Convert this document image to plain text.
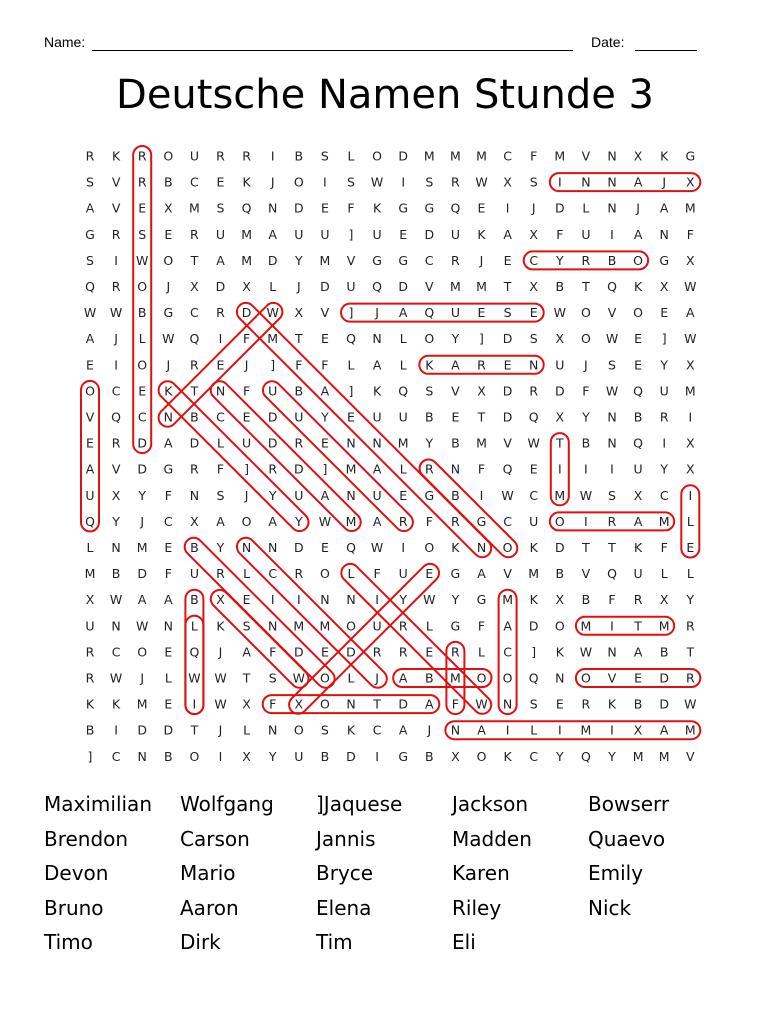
Name:	Date:
Deutsche Namen Stunde 3
R K R O U R R I B S L O D M M M C F M V N X K G
S V R B C E K J O I S W I S R W X S I N N A J X
A V E X M S Q N D E F K G G Q E I J D L N J A M
G R S E R U M A U U ] U E D U K A X F U I A N F
S I W O T A M D Y M V G G C R J E C Y R B O G X
Q R O J X D X L J D U Q D V M M T X B T Q K X W
W W B G C R D W X V ] J A Q U E S E W O V O E A
A J L W Q I F M T E Q N L O Y ] D S X O W E ] W
E I O J R E J ] F F L A L K A R E N U J S E Y X
O C E K T N F U B A ] K Q S V X D R D F W Q U M
V Q C N B C E D U Y E U U B E T D Q X Y N B R I
E R D A D L U D R E N N M Y B M V W T B N Q I X
A V D G R F ] R D ] M A L R N F Q E I I I U Y X
U X Y F N S J Y U A N U E G B I W C M W S X C I
Q Y J C X A O A Y W M A R F R G C U O I R A M L
L N M E B Y N N D E Q W I O K N O K D T T K F E
M B D F U R L C R O L F U E G A V M B V Q U L L
X W A A B X E I I N N I Y W Y G M K X B F R X Y
U N W N L K S N M M O U R L G F A D O M I T M R
R C O E Q J A F D E D R R E R L C ] K W N A B T
R W J L W W T S W O L J A B M O O Q N O V E D R
K K M E I W X F X O N T D A F W N S E R K B D W
B I D D T J L N O S K C A J N A I L I M I X A M
] C N B O I X Y U B D I G B X O K C Y Q Y M M V
Maximilian
Brendon
Devon
Bruno
Timo
Wolfgang
Carson
Mario
Aaron
Dirk
]Jaquese
Jannis
Bryce
Elena
Tim
Jackson
Madden
Karen
Riley
Eli
Bowserr
Quaevo
Emily
Nick
